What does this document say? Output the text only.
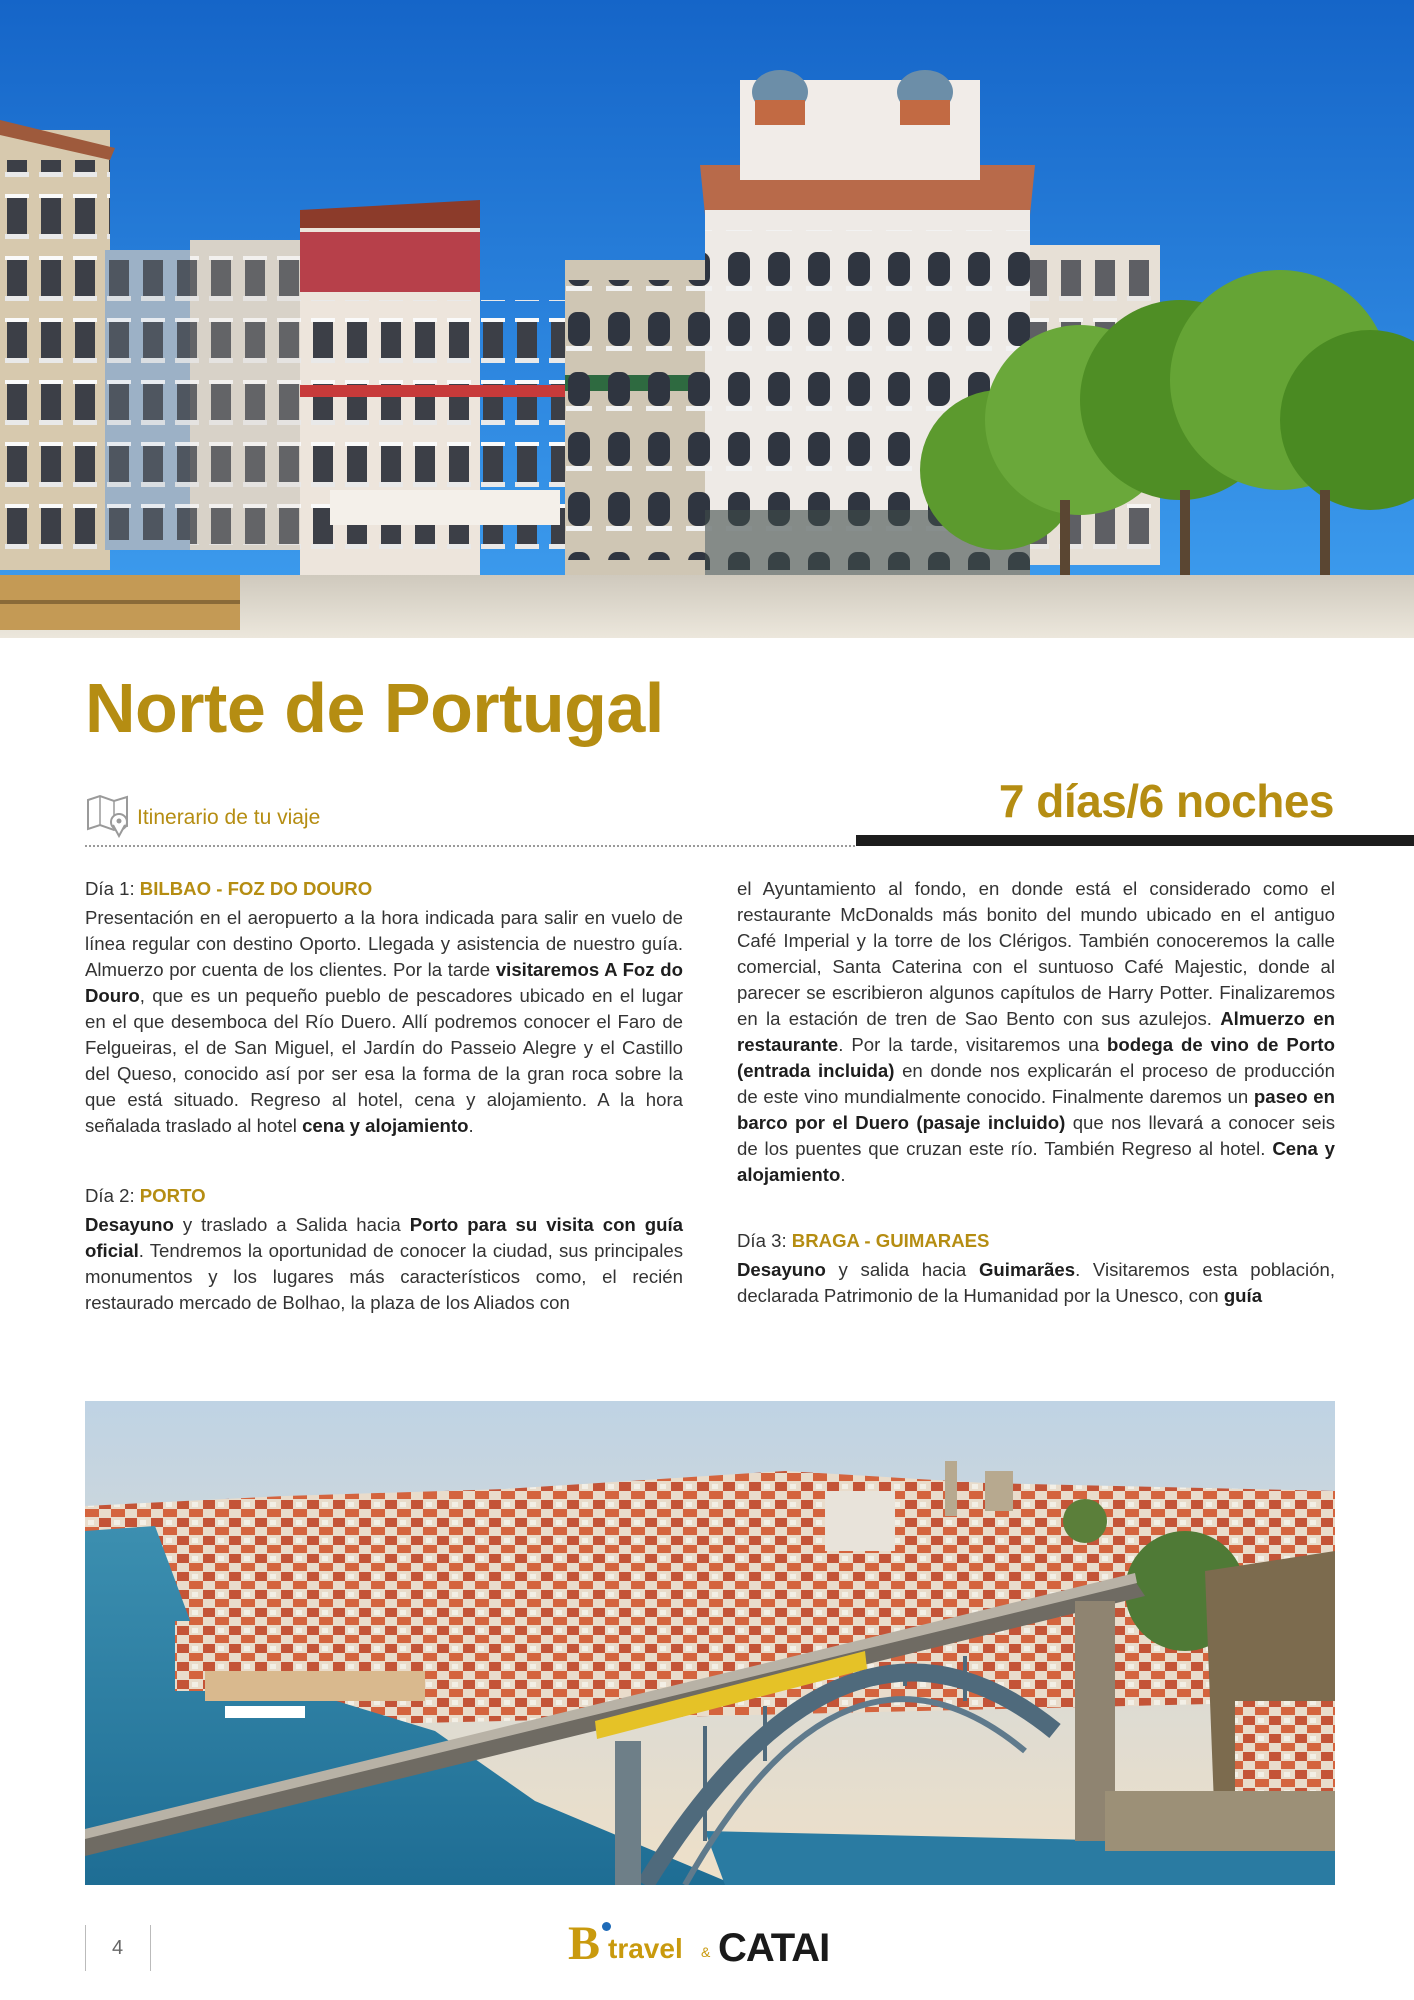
Norte de Portugal
Itinerario de tu viaje	7 días/6 noches
Día 1: BILBAO - FOZ DO DOURO

Presentación en el aeropuerto a la hora indicada para salir en vuelo de línea regular con destino Oporto. Llegada y asistencia de nuestro guía. Almuerzo por cuenta de los clientes. Por la tarde visitaremos A Foz do Douro, que es un pequeño pueblo de pescadores ubicado en el lugar en el que desemboca del Río Duero. Allí podremos conocer el Faro de Felgueiras, el de San Miguel, el Jardín do Passeio Alegre y el Castillo del Queso, conocido así por ser esa la forma de la gran roca sobre la que está situado. Regreso al hotel, cena y alojamiento. A la hora señalada traslado al hotel cena y alojamiento.

Día 2: PORTO

Desayuno y traslado a Salida hacia Porto para su visita con guía oficial. Tendremos la oportunidad de conocer la ciudad, sus principales monumentos y los lugares más característicos como, el recién restaurado mercado de Bolhao, la plaza de los Aliados con

el Ayuntamiento al fondo, en donde está el considerado como el restaurante McDonalds más bonito del mundo ubicado en el antiguo Café Imperial y la torre de los Clérigos. También conoceremos la calle comercial, Santa Caterina con el suntuoso Café Majestic, donde al parecer se escribieron algunos capítulos de Harry Potter. Finalizaremos en la estación de tren de Sao Bento con sus azulejos. Almuerzo en restaurante. Por la tarde, visitaremos una bodega de vino de Porto (entrada incluida) en donde nos explicarán el proceso de producción de este vino mundialmente conocido. Finalmente daremos un paseo en barco por el Duero (pasaje incluido) que nos llevará a conocer seis de los puentes que cruzan este río. También Regreso al hotel. Cena y alojamiento.

Día 3: BRAGA - GUIMARAES

Desayuno y salida hacia Guimarães. Visitaremos esta población, declarada Patrimonio de la Humanidad por la Unesco, con guía

4	B travel & CATAI
